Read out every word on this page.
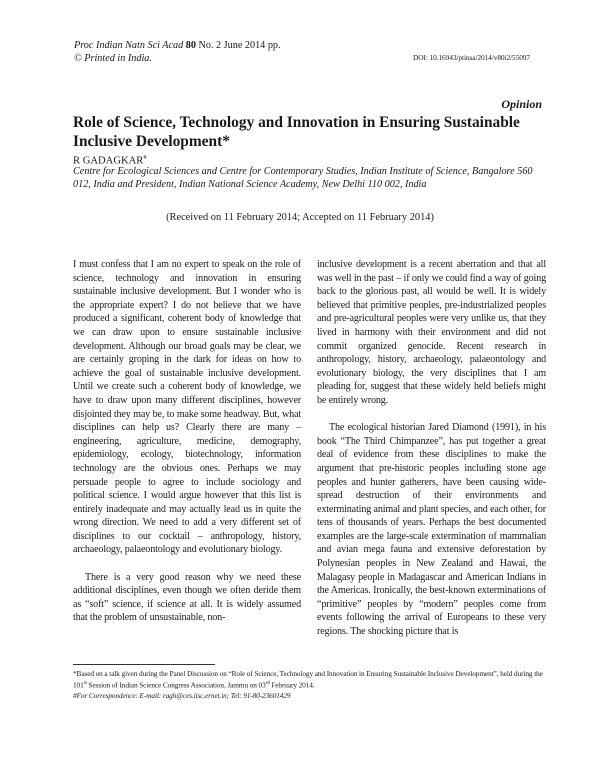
Proc Indian Natn Sci Acad 80 No. 2 June 2014 pp.
© Printed in India.	DOI: 10.16943/ptinsa/2014/v80i2/55097
Opinion
Role of Science, Technology and Innovation in Ensuring Sustainable Inclusive Development*
R GADAGKAR#
Centre for Ecological Sciences and Centre for Contemporary Studies, Indian Institute of Science, Bangalore 560 012, India and President, Indian National Science Academy, New Delhi 110 002, India
(Received on 11 February 2014; Accepted on 11 February 2014)

I must confess that I am no expert to speak on the role of science, technology and innovation in ensuring sustainable inclusive development. But I wonder who is the appropriate expert? I do not believe that we have produced a significant, coherent body of knowledge that we can draw upon to ensure sustainable inclusive development. Although our broad goals may be clear, we are certainly groping in the dark for ideas on how to achieve the goal of sustainable inclusive development. Until we create such a coherent body of knowledge, we have to draw upon many different disciplines, however disjointed they may be, to make some headway. But, what disciplines can help us? Clearly there are many – engineering, agriculture, medicine, demography, epidemiology, ecology, biotechnology, information technology are the obvious ones. Perhaps we may persuade people to agree to include sociology and political science. I would argue however that this list is entirely inadequate and may actually lead us in quite the wrong direction. We need to add a very different set of disciplines to our cocktail – anthropology, history, archaeology, palaeontology and evolutionary biology.

There is a very good reason why we need these additional disciplines, even though we often deride them as “soft” science, if science at all. It is widely assumed that the problem of unsustainable, non-

inclusive development is a recent aberration and that all was well in the past – if only we could find a way of going back to the glorious past, all would be well. It is widely believed that primitive peoples, pre-industrialized peoples and pre-agricultural peoples were very unlike us, that they lived in harmony with their environment and did not commit organized genocide. Recent research in anthropology, history, archaeology, palaeontology and evolutionary biology, the very disciplines that I am pleading for, suggest that these widely held beliefs might be entirely wrong.

The ecological historian Jared Diamond (1991), in his book “The Third Chimpanzee”, has put together a great deal of evidence from these disciplines to make the argument that pre-historic peoples including stone age peoples and hunter gatherers, have been causing wide-spread destruction of their environments and exterminating animal and plant species, and each other, for tens of thousands of years. Perhaps the best documented examples are the large-scale extermination of mammalian and avian mega fauna and extensive deforestation by Polynesian peoples in New Zealand and Hawai, the Malagasy people in Madagascar and American Indians in the Americas. Ironically, the best-known exterminations of “primitive” peoples by “modern” peoples come from events following the arrival of Europeans to these very regions. The shocking picture that is

*Based on a talk given during the Panel Discussion on “Role of Science, Technology and Innovation in Ensuring Sustainable Inclusive Development”, held during the 101st Session of Indian Science Congress Association, Jammu on 03rd February 2014.

#For Correspondence: E-mail: ragh@ces.iisc.ernet.in; Tel: 91-80-23601429
